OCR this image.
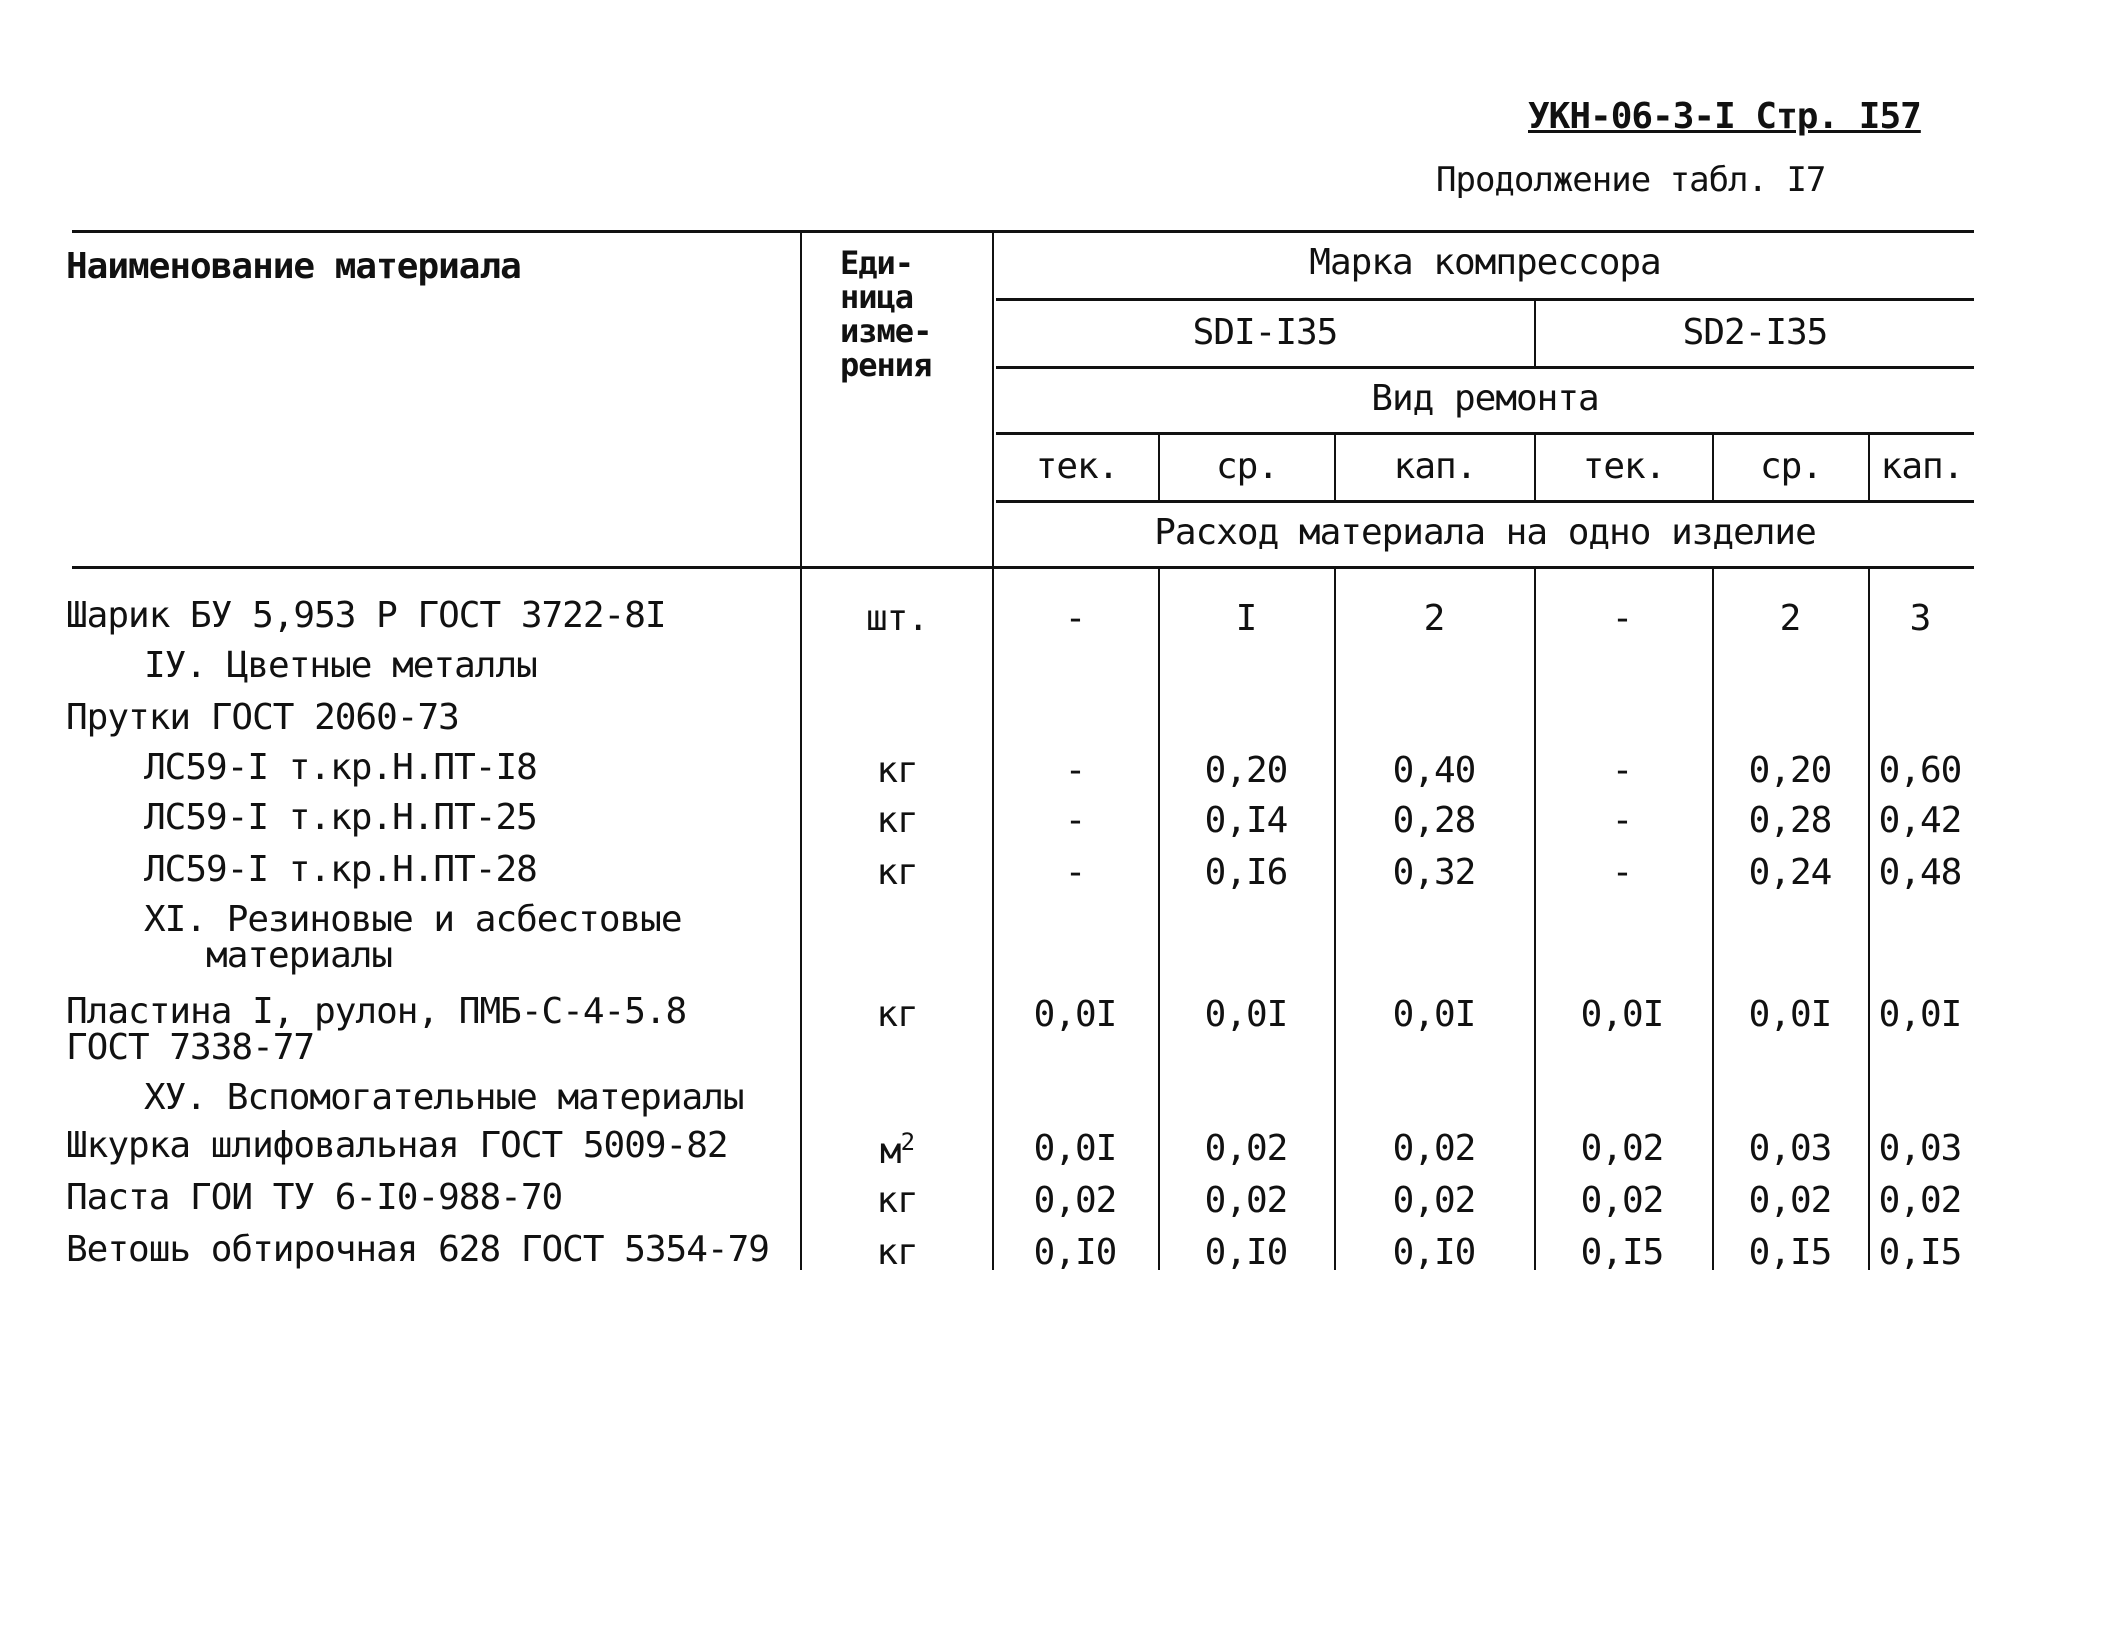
УКН-06-3-I Стр. I57
Продолжение табл. I7
Наименование материала	Еди-
ница
изме-
рения
Марка компрессора
SDI-I35	SD2-I35
Вид ремонта
тек.	ср.	кап.	тек.	ср.	кап.
Расход материала на одно изделие
Шарик БУ 5,953 Р ГОСТ 3722-8I	шт.	-	I	2	-	2	3
IУ. Цветные металлы
Прутки ГОСТ 2060-73
ЛС59-I т.кр.Н.ПТ-I8	кг	-	0,20	0,40	-	0,20	0,60
ЛС59-I т.кр.Н.ПТ-25	кг	-	0,I4	0,28	-	0,28	0,42
ЛС59-I т.кр.Н.ПТ-28	кг	-	0,I6	0,32	-	0,24	0,48
XI. Резиновые и асбестовые
материалы
Пластина I, рулон, ПМБ-С-4-5.8
ГОСТ 7338-77
кг	0,0I	0,0I	0,0I	0,0I	0,0I	0,0I
ХУ. Вспомогательные материалы
Шкурка шлифовальная ГОСТ 5009-82	$м^2$	0,0I	0,02	0,02	0,02	0,03	0,03
Паста ГОИ ТУ 6-I0-988-70	кг	0,02	0,02	0,02	0,02	0,02	0,02
Ветошь обтирочная 628 ГОСТ 5354-79	кг	0,I0	0,I0	0,I0	0,I5	0,I5	0,I5
